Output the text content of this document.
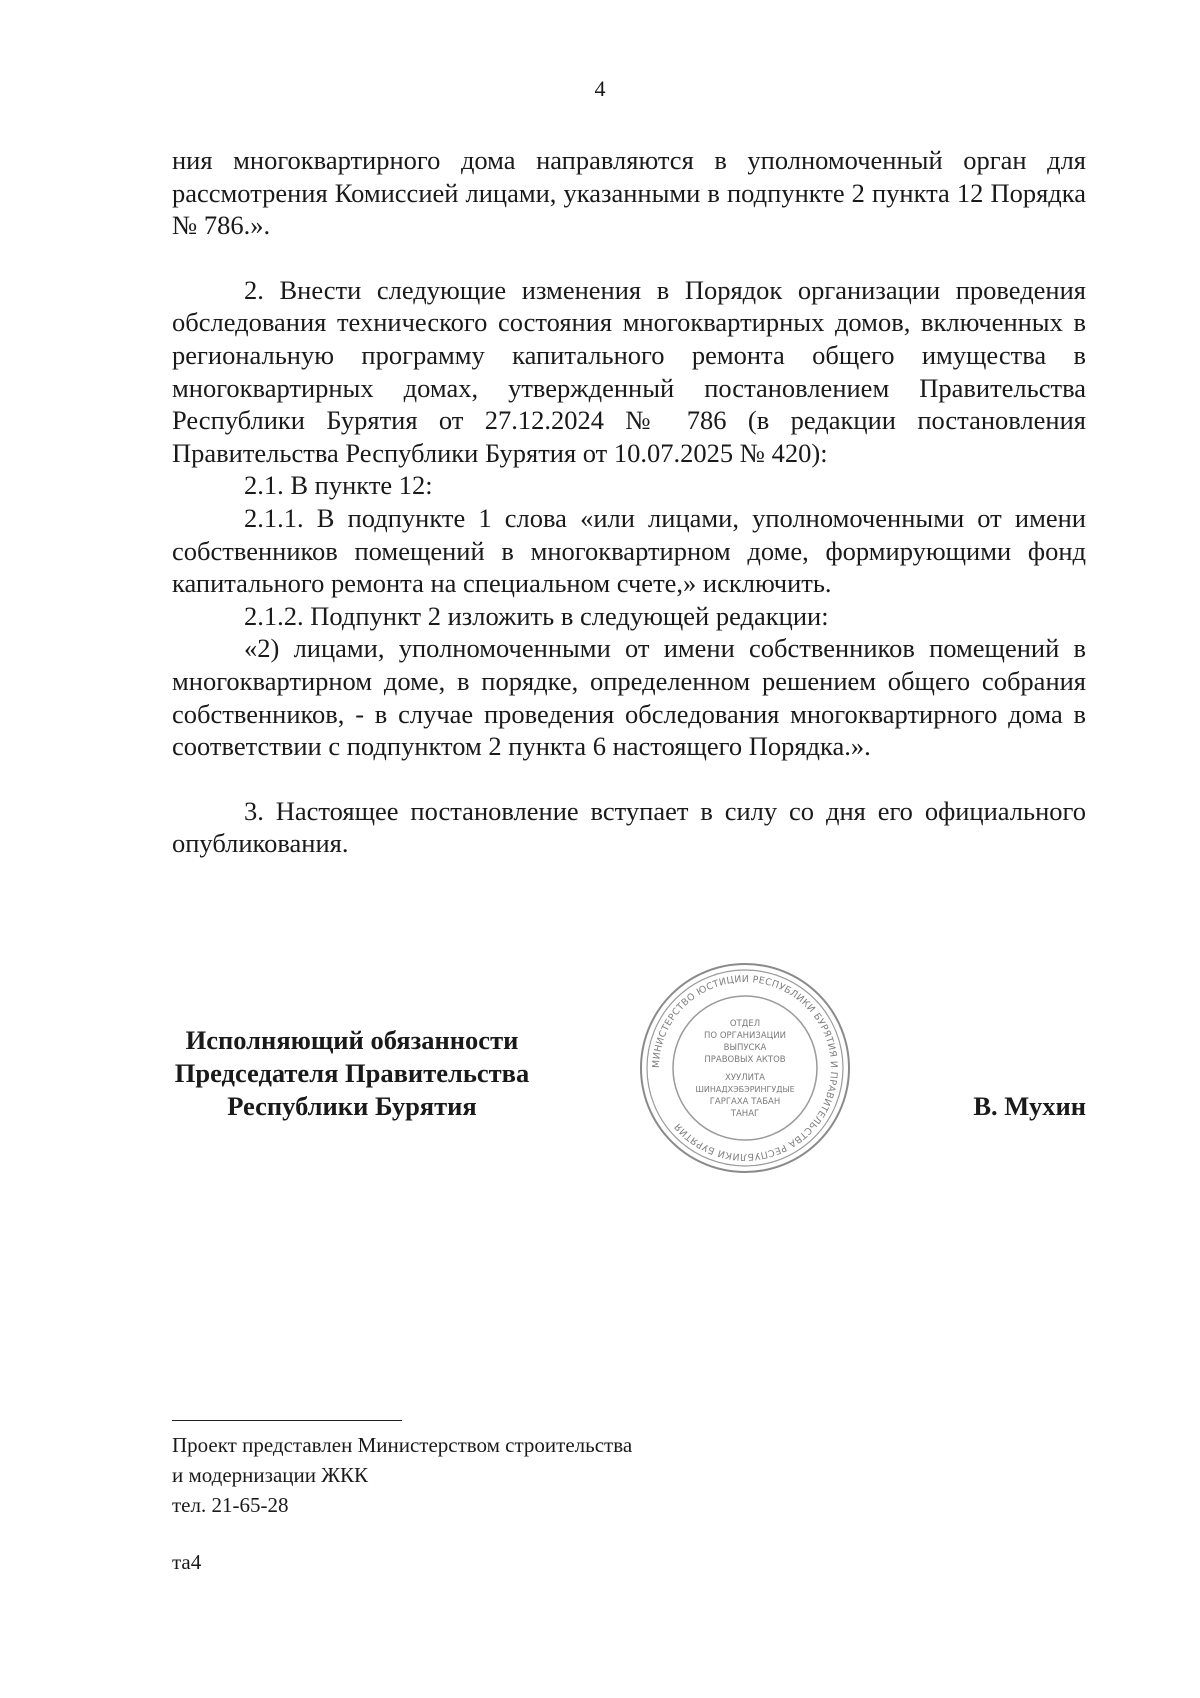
4

ния многоквартирного дома направляются в уполномоченный орган для рассмотрения Комиссией лицами, указанными в подпункте 2 пункта 12 Порядка № 786.».

2. Внести следующие изменения в Порядок организации проведения обследования технического состояния многоквартирных домов, включенных в региональную программу капитального ремонта общего имущества в многоквартирных домах, утвержденный постановлением Правительства Республики Бурятия от 27.12.2024 № 786 (в редакции постановления Правительства Республики Бурятия от 10.07.2025 № 420):

2.1. В пункте 12:

2.1.1. В подпункте 1 слова «или лицами, уполномоченными от имени собственников помещений в многоквартирном доме, формирующими фонд капитального ремонта на специальном счете,» исключить.

2.1.2. Подпункт 2 изложить в следующей редакции:

«2) лицами, уполномоченными от имени собственников помещений в многоквартирном доме, в порядке, определенном решением общего собрания собственников, - в случае проведения обследования многоквартирного дома в соответствии с подпунктом 2 пункта 6 настоящего Порядка.».

3. Настоящее постановление вступает в силу со дня его официального опубликования.

Исполняющий обязанности
Председателя Правительства
Республики Бурятия
МИНИСТЕРСТВО ЮСТИЦИИ РЕСПУБЛИКИ БУРЯТИЯ И ПРАВИТЕЛЬСТВА РЕСПУБЛИКИ БУРЯТИЯ
ОТДЕЛ
ПО ОРГАНИЗАЦИИ
ВЫПУСКА
ПРАВОВЫХ АКТОВ
ХУУЛИТА
ШИНАДХЭБЭРИНГУДЫЕ
ГАРГАХА ТАБАН
ТАНАГ	В. Мухин

Проект представлен Министерством строительства

и модернизации ЖКК

тел. 21-65-28

та4
